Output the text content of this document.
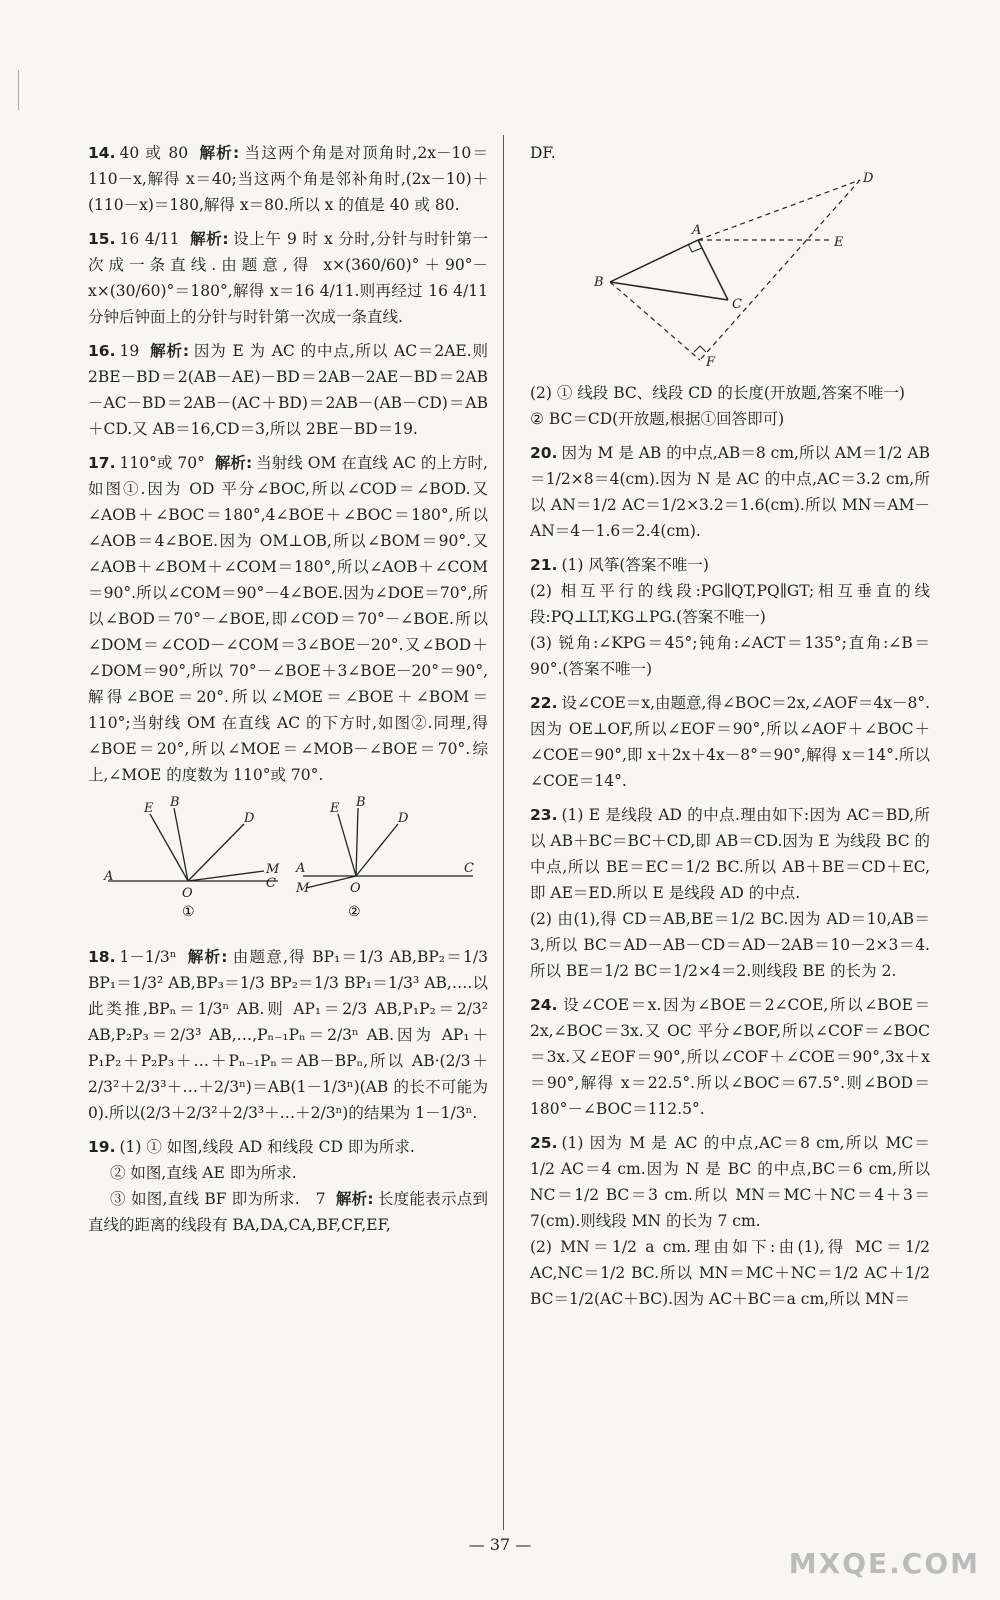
14. 40 或 80 解析: 当这两个角是对顶角时,2x－10＝110－x,解得 x＝40;当这两个角是邻补角时,(2x－10)＋(110－x)＝180,解得 x＝80.所以 x 的值是 40 或 80.

15. 16 4/11 解析: 设上午 9 时 x 分时,分针与时针第一次成一条直线.由题意,得 x×(360/60)°＋90°－x×(30/60)°＝180°,解得 x＝16 4/11.则再经过 16 4/11 分钟后钟面上的分针与时针第一次成一条直线.

16. 19 解析: 因为 E 为 AC 的中点,所以 AC＝2AE.则 2BE－BD＝2(AB－AE)－BD＝2AB－2AE－BD＝2AB－AC－BD＝2AB－(AC＋BD)＝2AB－(AB－CD)＝AB＋CD.又 AB＝16,CD＝3,所以 2BE－BD＝19.

17. 110°或 70° 解析: 当射线 OM 在直线 AC 的上方时,如图①.因为 OD 平分∠BOC,所以∠COD＝∠BOD.又∠AOB＋∠BOC＝180°,4∠BOE＋∠BOC＝180°,所以∠AOB＝4∠BOE.因为 OM⊥OB,所以∠BOM＝90°.又∠AOB＋∠BOM＋∠COM＝180°,所以∠AOB＋∠COM＝90°.所以∠COM＝90°－4∠BOE.因为∠DOE＝70°,所以∠BOD＝70°－∠BOE,即∠COD＝70°－∠BOE.所以∠DOM＝∠COD－∠COM＝3∠BOE－20°.又∠BOD＋∠DOM＝90°,所以 70°－∠BOE＋3∠BOE－20°＝90°,解得∠BOE＝20°.所以∠MOE＝∠BOE＋∠BOM＝110°;当射线 OM 在直线 AC 的下方时,如图②.同理,得∠BOE＝20°,所以∠MOE＝∠MOB－∠BOE＝70°.综上,∠MOE 的度数为 110°或 70°.

A
E B
D
M
C
O
①
A
M
E B
D
C
O
②

18. 1－1/3ⁿ 解析: 由题意,得 BP₁＝1/3 AB,BP₂＝1/3 BP₁＝1/3² AB,BP₃＝1/3 BP₂＝1/3 BP₁＝1/3³ AB,….以此类推,BPₙ＝1/3ⁿ AB.则 AP₁＝2/3 AB,P₁P₂＝2/3² AB,P₂P₃＝2/3³ AB,…,Pₙ₋₁Pₙ＝2/3ⁿ AB.因为 AP₁＋P₁P₂＋P₂P₃＋…＋Pₙ₋₁Pₙ＝AB－BPₙ,所以 AB·(2/3＋2/3²＋2/3³＋…＋2/3ⁿ)＝AB(1－1/3ⁿ)(AB 的长不可能为 0).所以(2/3＋2/3²＋2/3³＋…＋2/3ⁿ)的结果为 1－1/3ⁿ.

19. (1) ① 如图,线段 AD 和线段 CD 即为所求.
② 如图,直线 AE 即为所求.
③ 如图,直线 BF 即为所求.　7 解析: 长度能表示点到直线的距离的线段有 BA,DA,CA,BF,CF,EF,

DF.

A
B
C
D
E
F

(2) ① 线段 BC、线段 CD 的长度(开放题,答案不唯一)
② BC＝CD(开放题,根据①回答即可)

20. 因为 M 是 AB 的中点,AB＝8 cm,所以 AM＝1/2 AB＝1/2×8＝4(cm).因为 N 是 AC 的中点,AC＝3.2 cm,所以 AN＝1/2 AC＝1/2×3.2＝1.6(cm).所以 MN＝AM－AN＝4－1.6＝2.4(cm).

21. (1) 风筝(答案不唯一)
(2) 相互平行的线段:PG∥QT,PQ∥GT;相互垂直的线段:PQ⊥LT,KG⊥PG.(答案不唯一)
(3) 锐角:∠KPG＝45°;钝角:∠ACT＝135°;直角:∠B＝90°.(答案不唯一)

22. 设∠COE＝x,由题意,得∠BOC＝2x,∠AOF＝4x－8°.因为 OE⊥OF,所以∠EOF＝90°,所以∠AOF＋∠BOC＋∠COE＝90°,即 x＋2x＋4x－8°＝90°,解得 x＝14°.所以∠COE＝14°.

23. (1) E 是线段 AD 的中点.理由如下:因为 AC＝BD,所以 AB＋BC＝BC＋CD,即 AB＝CD.因为 E 为线段 BC 的中点,所以 BE＝EC＝1/2 BC.所以 AB＋BE＝CD＋EC,即 AE＝ED.所以 E 是线段 AD 的中点.
(2) 由(1),得 CD＝AB,BE＝1/2 BC.因为 AD＝10,AB＝3,所以 BC＝AD－AB－CD＝AD－2AB＝10－2×3＝4.所以 BE＝1/2 BC＝1/2×4＝2.则线段 BE 的长为 2.

24. 设∠COE＝x.因为∠BOE＝2∠COE,所以∠BOE＝2x,∠BOC＝3x.又 OC 平分∠BOF,所以∠COF＝∠BOC＝3x.又∠EOF＝90°,所以∠COF＋∠COE＝90°,3x＋x＝90°,解得 x＝22.5°.所以∠BOC＝67.5°.则∠BOD＝180°－∠BOC＝112.5°.

25. (1) 因为 M 是 AC 的中点,AC＝8 cm,所以 MC＝1/2 AC＝4 cm.因为 N 是 BC 的中点,BC＝6 cm,所以 NC＝1/2 BC＝3 cm.所以 MN＝MC＋NC＝4＋3＝7(cm).则线段 MN 的长为 7 cm.
(2) MN＝1/2 a cm.理由如下:由(1),得 MC＝1/2 AC,NC＝1/2 BC.所以 MN＝MC＋NC＝1/2 AC＋1/2 BC＝1/2(AC＋BC).因为 AC＋BC＝a cm,所以 MN＝

— 37 —
MXQE.COM
